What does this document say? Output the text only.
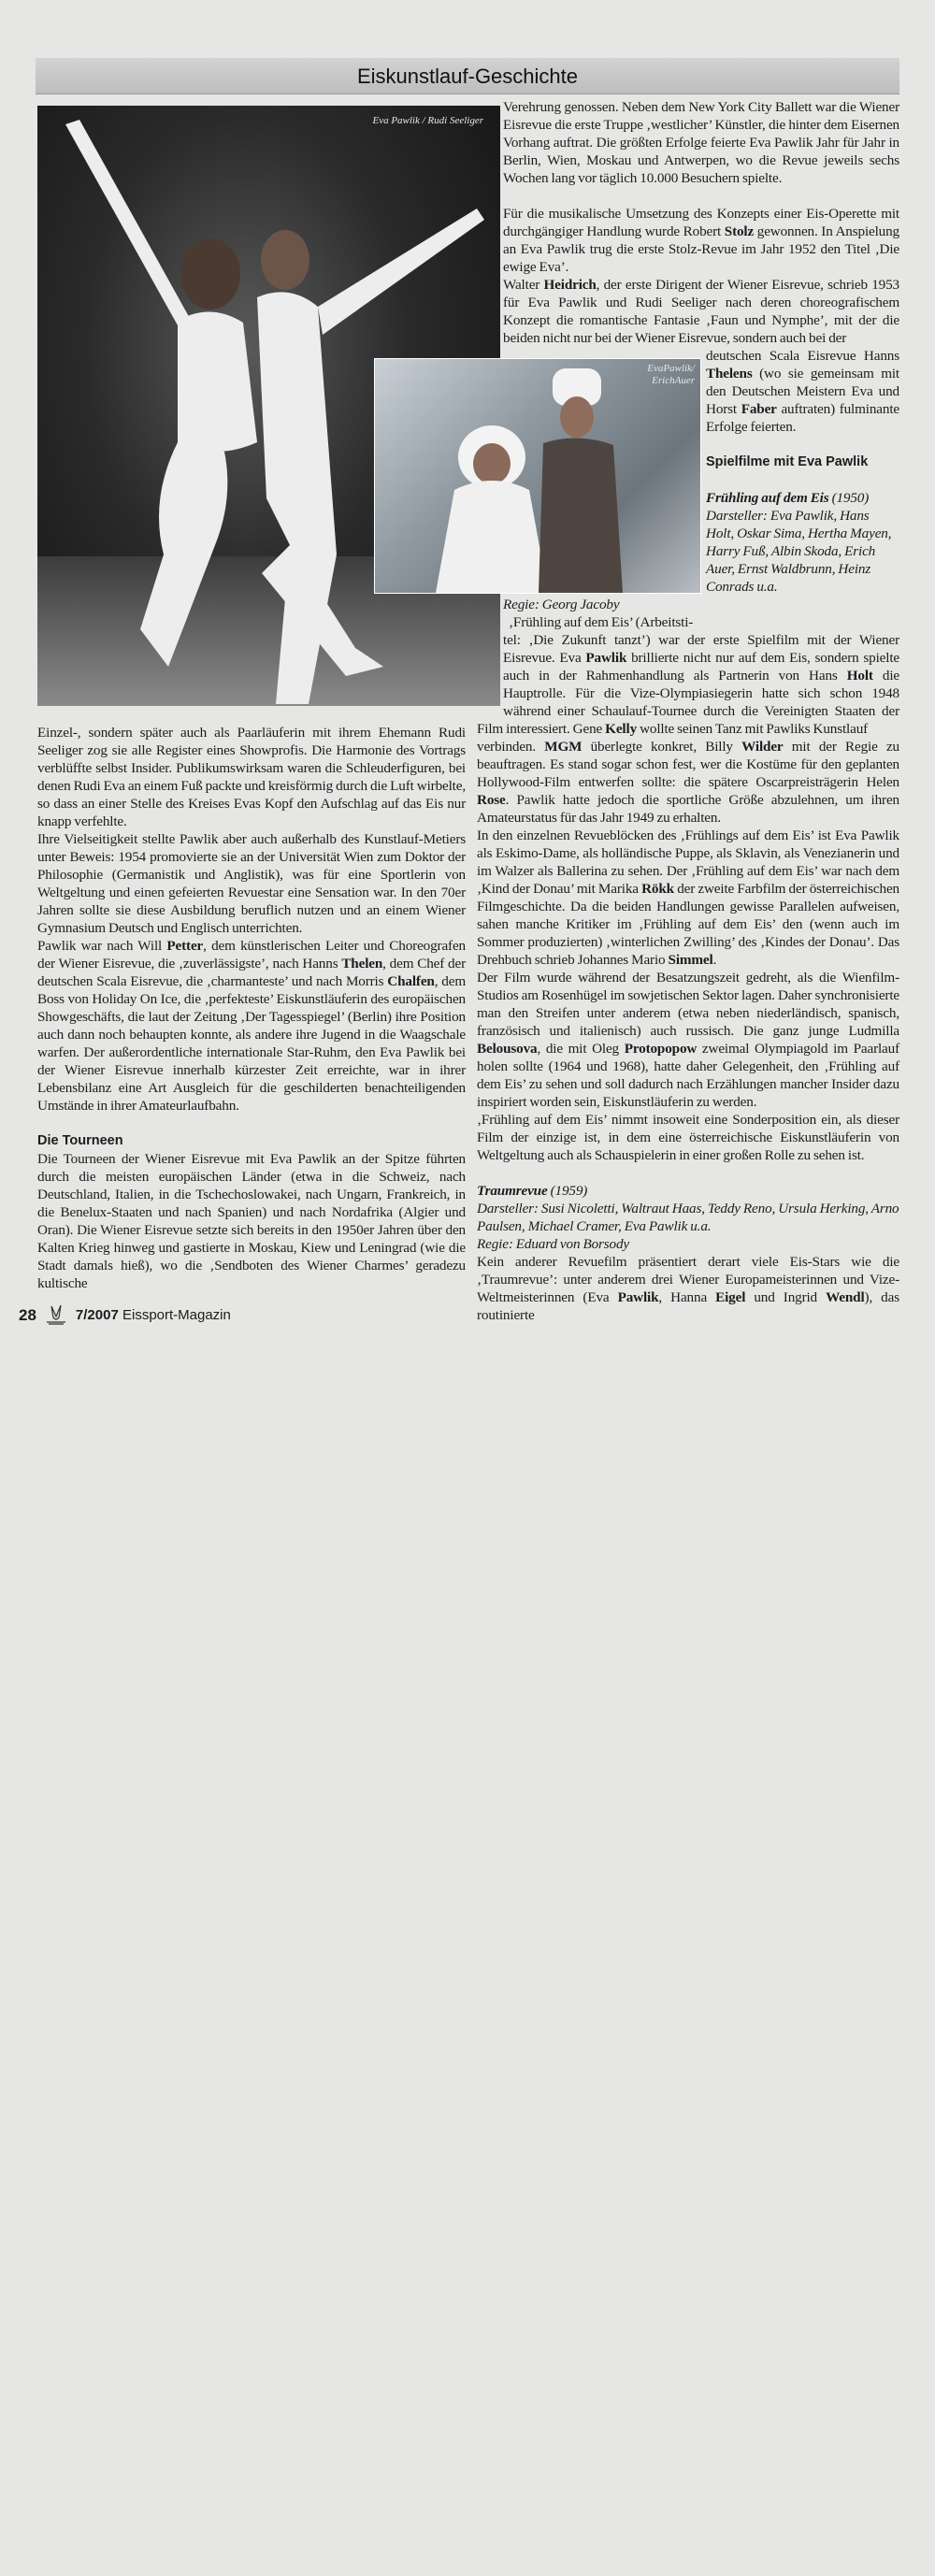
Eiskunstlauf-Geschichte
Eva Pawlik / Rudi Seeliger
EvaPawlik/
ErichAuer

Verehrung genossen. Neben dem New York City Ballett war die Wiener Eisrevue die erste Truppe ‚westlicher’ Künstler, die hinter dem Eisernen Vorhang auftrat. Die größten Erfolge feierte Eva Pawlik Jahr für Jahr in Berlin, Wien, Moskau und Antwerpen, wo die Revue jeweils sechs Wochen lang vor täglich 10.000 Besuchern spielte.

Für die musikalische Umsetzung des Konzepts einer Eis-Operette mit durchgängiger Handlung wurde Robert Stolz gewonnen. In Anspielung an Eva Pawlik trug die erste Stolz-Revue im Jahr 1952 den Titel ‚Die ewige Eva’.

Walter Heidrich, der erste Dirigent der Wiener Eisrevue, schrieb 1953 für Eva Pawlik und Rudi Seeliger nach deren choreografischem Konzept die romantische Fantasie ‚Faun und Nymphe’, mit der die beiden nicht nur bei der Wiener Eisrevue, sondern auch bei der

deutschen Scala Eisrevue Hanns Thelens (wo sie gemeinsam mit den Deutschen Meistern Eva und Horst Faber auftraten) fulminante Erfolge feierten.

Spielfilme mit Eva Pawlik

Frühling auf dem Eis (1950)

Darsteller: Eva Pawlik, Hans Holt, Oskar Sima, Hertha Mayen, Harry Fuß, Albin Skoda, Erich Auer, Ernst Waldbrunn, Heinz Conrads u.a.

Regie: Georg Jacoby

‚Frühling auf dem Eis’ (Arbeitsti-

tel: ‚Die Zukunft tanzt’) war der erste Spielfilm mit der Wiener Eisrevue. Eva Pawlik brillierte nicht nur auf dem Eis, sondern spielte auch in der Rahmenhandlung als Partnerin von Hans Holt die Hauptrolle. Für die Vize-Olympiasiegerin hatte sich schon 1948 während einer Schaulauf-Tournee durch die Vereinigten Staaten der Film interessiert. Gene Kelly wollte seinen Tanz mit Pawliks Kunstlauf

verbinden. MGM überlegte konkret, Billy Wilder mit der Regie zu beauftragen. Es stand sogar schon fest, wer die Kostüme für den geplanten Hollywood-Film entwerfen sollte: die spätere Oscarpreisträgerin Helen Rose. Pawlik hatte jedoch die sportliche Größe abzulehnen, um ihren Amateurstatus für das Jahr 1949 zu erhalten.

In den einzelnen Revueblöcken des ‚Frühlings auf dem Eis’ ist Eva Pawlik als Eskimo-Dame, als holländische Puppe, als Sklavin, als Venezianerin und im Walzer als Ballerina zu sehen. Der ‚Frühling auf dem Eis’ war nach dem ‚Kind der Donau’ mit Marika Rökk der zweite Farbfilm der österreichischen Filmgeschichte. Da die beiden Handlungen gewisse Parallelen aufweisen, sahen manche Kritiker im ‚Frühling auf dem Eis’ den (wenn auch im Sommer produzierten) ‚winterlichen Zwilling’ des ‚Kindes der Donau’. Das Drehbuch schrieb Johannes Mario Simmel.

Der Film wurde während der Besatzungszeit gedreht, als die Wienfilm-Studios am Rosenhügel im sowjetischen Sektor lagen. Daher synchronisierte man den Streifen unter anderem (etwa neben niederländisch, spanisch, französisch und italienisch) auch russisch. Die ganz junge Ludmilla Belousova, die mit Oleg Protopopow zweimal Olympiagold im Paarlauf holen sollte (1964 und 1968), hatte daher Gelegenheit, den ‚Frühling auf dem Eis’ zu sehen und soll dadurch nach Erzählungen mancher Insider dazu inspiriert worden sein, Eiskunstläuferin zu werden.

‚Frühling auf dem Eis’ nimmt insoweit eine Sonderposition ein, als dieser Film der einzige ist, in dem eine österreichische Eiskunstläuferin von Weltgeltung auch als Schauspielerin in einer großen Rolle zu sehen ist.

Traumrevue (1959)

Darsteller: Susi Nicoletti, Waltraut Haas, Teddy Reno, Ursula Herking, Arno Paulsen, Michael Cramer, Eva Pawlik u.a.

Regie: Eduard von Borsody

Kein anderer Revuefilm präsentiert derart viele Eis-Stars wie die ‚Traumrevue’: unter anderem drei Wiener Europameisterinnen und Vize-Weltmeisterinnen (Eva Pawlik, Hanna Eigel und Ingrid Wendl), das routinierte

Einzel-, sondern später auch als Paarläuferin mit ihrem Ehemann Rudi Seeliger zog sie alle Register eines Showprofis. Die Harmonie des Vortrags verblüffte selbst Insider. Publikumswirksam waren die Schleuderfiguren, bei denen Rudi Eva an einem Fuß packte und kreisförmig durch die Luft wirbelte, so dass an einer Stelle des Kreises Evas Kopf den Aufschlag auf das Eis nur knapp verfehlte.

Ihre Vielseitigkeit stellte Pawlik aber auch außerhalb des Kunstlauf-Metiers unter Beweis: 1954 promovierte sie an der Universität Wien zum Doktor der Philosophie (Germanistik und Anglistik), was für eine Sportlerin von Weltgeltung und einen gefeierten Revuestar eine Sensation war. In den 70er Jahren sollte sie diese Ausbildung beruflich nutzen und an einem Wiener Gymnasium Deutsch und Englisch unterrichten.

Pawlik war nach Will Petter, dem künstlerischen Leiter und Choreografen der Wiener Eisrevue, die ‚zuverlässigste’, nach Hanns Thelen, dem Chef der deutschen Scala Eisrevue, die ‚charmanteste’ und nach Morris Chalfen, dem Boss von Holiday On Ice, die ‚perfekteste’ Eiskunstläuferin des europäischen Showgeschäfts, die laut der Zeitung ‚Der Tagesspiegel’ (Berlin) ihre Position auch dann noch behaupten konnte, als andere ihre Jugend in die Waagschale warfen. Der außerordentliche internationale Star-Ruhm, den Eva Pawlik bei der Wiener Eisrevue innerhalb kürzester Zeit erreichte, war in ihrer Lebensbilanz eine Art Ausgleich für die geschilderten benachteiligenden Umstände in ihrer Amateurlaufbahn.

Die Tourneen

Die Tourneen der Wiener Eisrevue mit Eva Pawlik an der Spitze führten durch die meisten europäischen Länder (etwa in die Schweiz, nach Deutschland, Italien, in die Tschechoslowakei, nach Ungarn, Frankreich, in die Benelux-Staaten und nach Spanien) und nach Nordafrika (Algier und Oran). Die Wiener Eisrevue setzte sich bereits in den 1950er Jahren über den Kalten Krieg hinweg und gastierte in Moskau, Kiew und Leningrad (wie die Stadt damals hieß), wo die ‚Sendboten des Wiener Charmes’ geradezu kultische

28	7/2007 Eissport-Magazin
